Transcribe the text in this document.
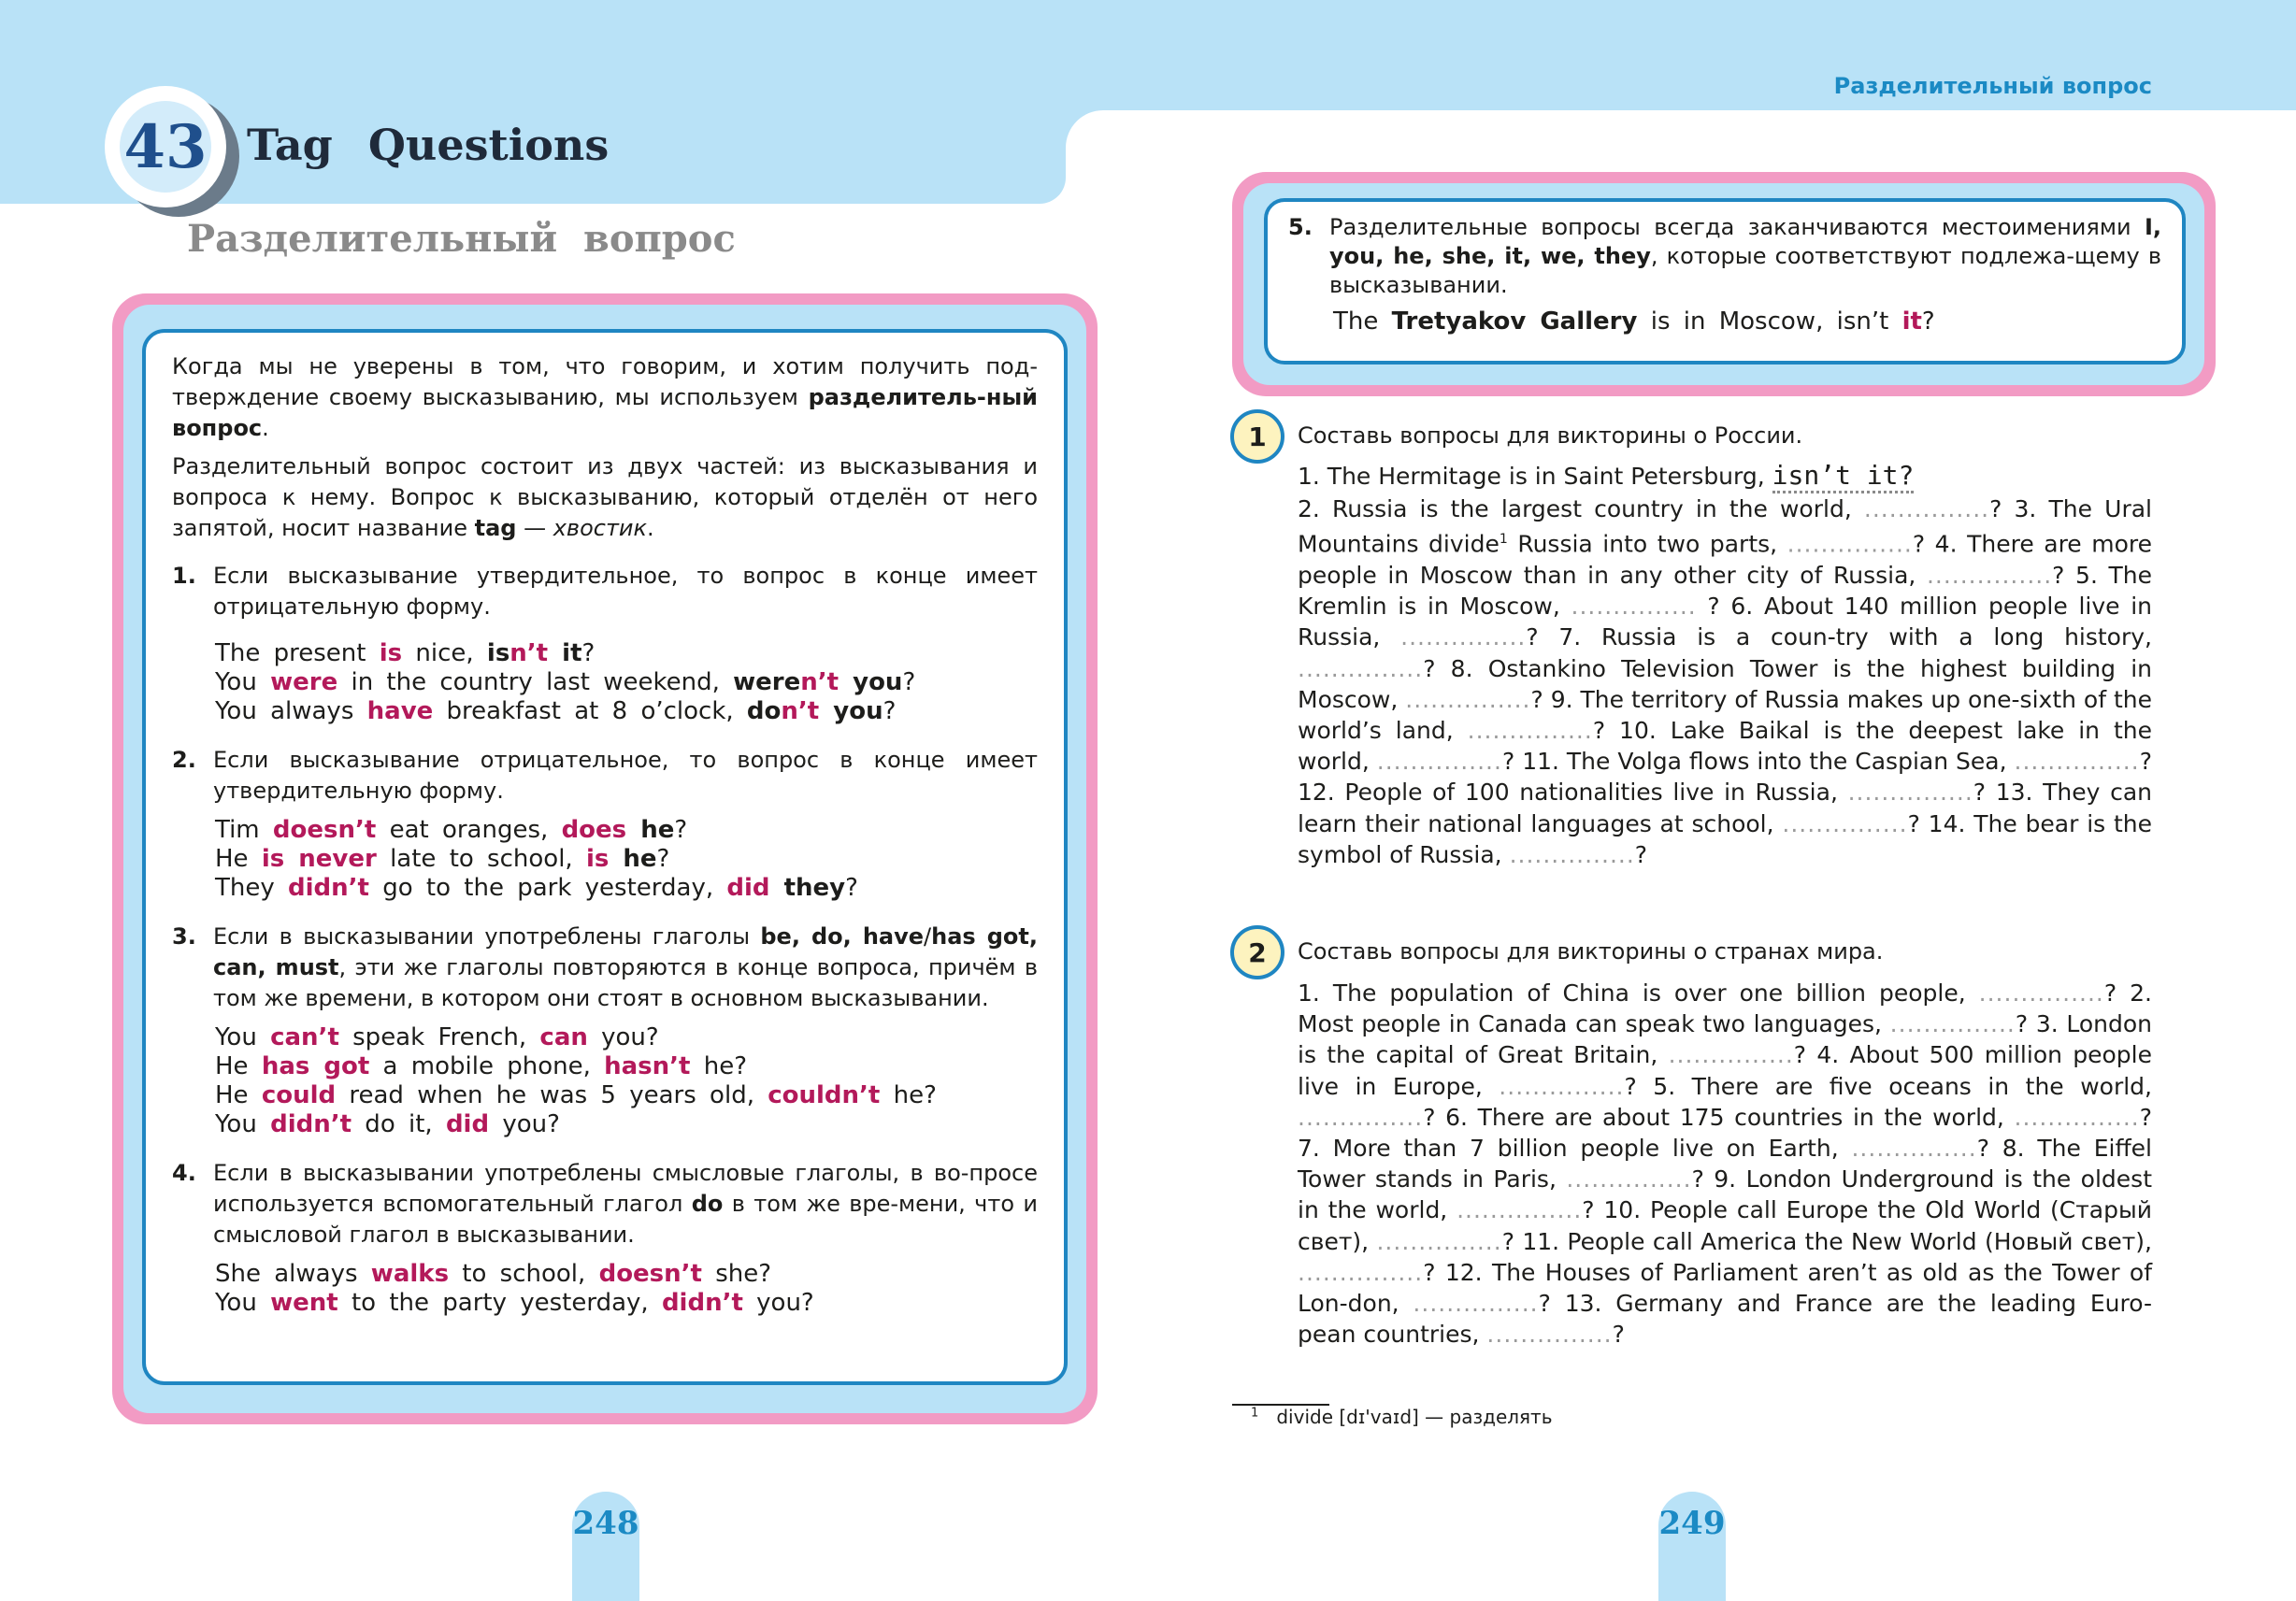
43 Tag Questions
Разделительный вопрос
Разделительный вопрос

Когда мы не уверены в том, что говорим, и хотим получить под-тверждение своему высказыванию, мы используем разделитель-ный вопрос.

Разделительный вопрос состоит из двух частей: из высказывания и вопроса к нему. Вопрос к высказыванию, который отделён от него запятой, носит название tag — хвостик.

1. Если высказывание утвердительное, то вопрос в конце имеет отрицательную форму.
The present is nice, isn’t it?
You were in the country last weekend, weren’t you?
You always have breakfast at 8 o’clock, don’t you?
2. Если высказывание отрицательное, то вопрос в конце имеет утвердительную форму.
Tim doesn’t eat oranges, does he?
He is never late to school, is he?
They didn’t go to the park yesterday, did they?
3. Если в высказывании употреблены глаголы be, do, have/has got, can, must, эти же глаголы повторяются в конце вопроса, причём в том же времени, в котором они стоят в основном высказывании.
You can’t speak French, can you?
He has got a mobile phone, hasn’t he?
He could read when he was 5 years old, couldn’t he?
You didn’t do it, did you?
4. Если в высказывании употреблены смысловые глаголы, в во-просе используется вспомогательный глагол do в том же вре-мени, что и смысловой глагол в высказывании.
She always walks to school, doesn’t she?
You went to the party yesterday, didn’t you?
5. Разделительные вопросы всегда заканчиваются местоимениями I, you, he, she, it, we, they, которые соответствуют подлежа-щему в высказывании.
The Tretyakov Gallery is in Moscow, isn’t it?
1	Составь вопросы для викторины о России.

1. The Hermitage is in Saint Petersburg, isn’t it?

2. Russia is the largest country in the world, ...............? 3. The Ural Mountains divide$^1$ Russia into two parts, ...............? 4. There are more people in Moscow than in any other city of Russia, ...............? 5. The Kremlin is in Moscow, ............... ? 6. About 140 million people live in Russia, ...............? 7. Russia is a coun-try with a long history, ...............? 8. Ostankino Television Tower is the highest building in Moscow, ...............? 9. The territory of Russia makes up one-sixth of the world’s land, ...............? 10. Lake Baikal is the deepest lake in the world, ...............? 11. The Volga flows into the Caspian Sea, ...............? 12. People of 100 nationalities live in Russia, ...............? 13. They can learn their national languages at school, ...............? 14. The bear is the symbol of Russia, ...............?

2	Составь вопросы для викторины о странах мира.

1. The population of China is over one billion people, ...............? 2. Most people in Canada can speak two languages, ...............? 3. London is the capital of Great Britain, ...............? 4. About 500 million people live in Europe, ...............? 5. There are five oceans in the world, ...............? 6. There are about 175 countries in the world, ...............? 7. More than 7 billion people live on Earth, ...............? 8. The Eiffel Tower stands in Paris, ...............? 9. London Underground is the oldest in the world, ...............? 10. People call Europe the Old World (Старый свет), ...............? 11. People call America the New World (Новый свет), ...............? 12. The Houses of Parliament aren’t as old as the Tower of Lon-don, ...............? 13. Germany and France are the leading Euro-pean countries, ...............?

$^1$ divide [dɪ'vaɪd] — разделять
248	249
